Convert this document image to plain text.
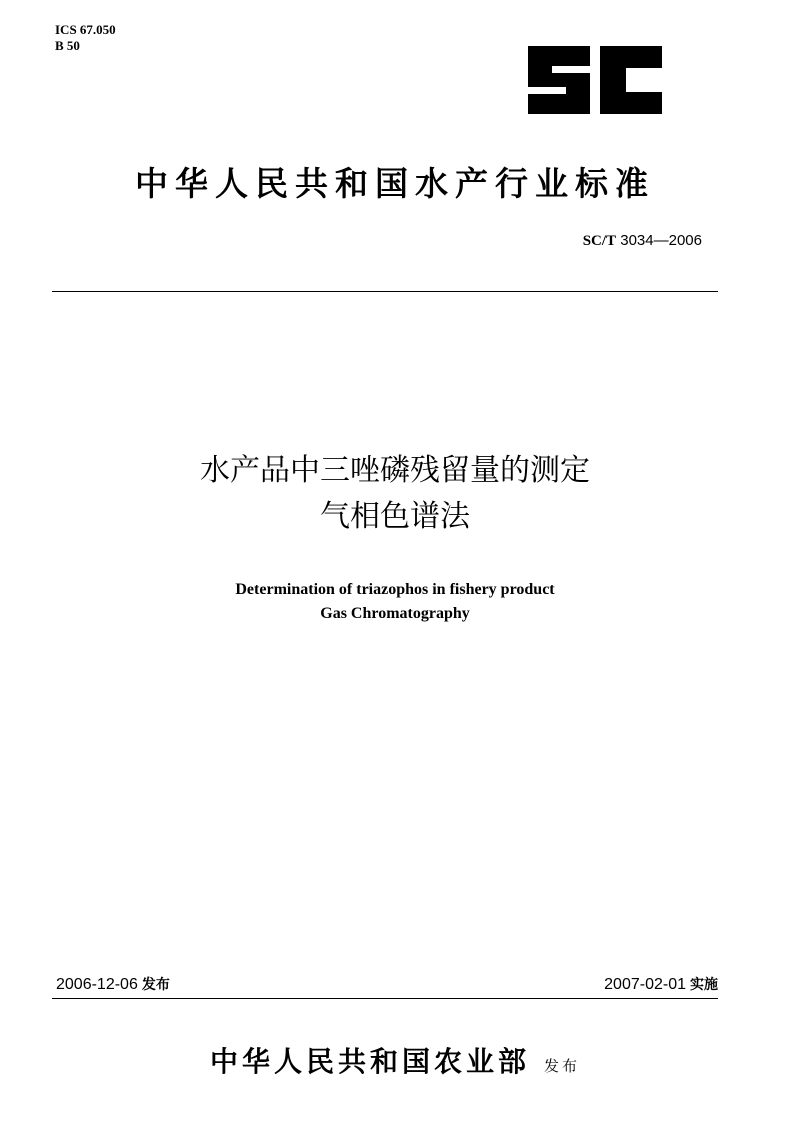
ICS 67.050
B 50
中华人民共和国水产行业标准
SC/T 3034—2006
水产品中三唑磷残留量的测定
气相色谱法
Determination of triazophos in fishery product
Gas Chromatography
2006-12-06 发布	2007-02-01 实施
中华人民共和国农业部 发布
